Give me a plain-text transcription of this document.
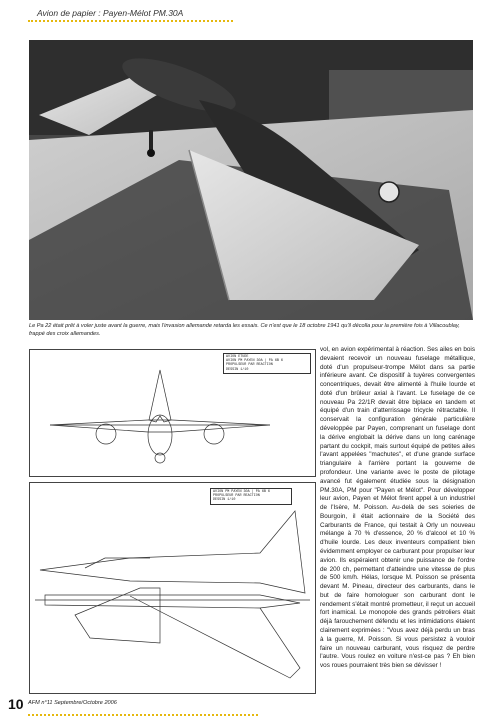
Avion de papier : Payen-Mélot PM.30A
Le Pa 22 était prêt à voler juste avant la guerre, mais l'invasion allemande retarda les essais. Ce n'est que le 18 octobre 1941 qu'il décolla pour la première fois à Villacoublay, frappé des croix allemandes.
AVION ETUDE
AVION PM PAYEN 30A | PA 6B 6
PROPULSEUR PAR REACTION
DESSIN 1/10
AVION PM PAYEN 30A | PA 6B 6
PROPULSEUR PAR REACTION
DESSIN 1/10

vol, en avion expérimental à réaction. Ses ailes en bois devaient recevoir un nouveau fuselage métallique, doté d'un propulseur-trompe Mélot dans sa partie inférieure avant. Ce dispositif à tuyères convergentes concentriques, devait être alimenté à l'huile lourde et doté d'un brûleur axial à l'avant. Le fuselage de ce nouveau Pa 22/1R devait être biplace en tandem et équipé d'un train d'atterrissage tricycle rétractable. Il conservait la configuration générale particulière développée par Payen, comprenant un fuselage dont la dérive englobait la dérive dans un long carénage partant du cockpit, mais surtout équipé de petites ailes l'avant appelées "machutes", et d'une grande surface triangulaire à l'arrière portant la gouverne de profondeur. Une variante avec le poste de pilotage avancé fut également étudiée sous la désignation PM.30A, PM pour "Payen et Mélot". Pour développer leur avion, Payen et Mélot firent appel à un industriel de l'Isère, M. Poisson. Au-delà de ses soieries de Bourgoin, il était actionnaire de la Société des Carburants de France, qui testait à Orly un nouveau mélange à 70 % d'essence, 20 % d'alcool et 10 % d'huile lourde. Les deux inventeurs compatient bien évidemment employer ce carburant pour propulser leur avion. Ils espéraient obtenir une puissance de l'ordre de 200 ch, permettant d'atteindre une vitesse de plus de 500 km/h. Hélas, lorsque M. Poisson se présenta devant M. Pineau, directeur des carburants, dans le but de faire homologuer son carburant dont le rendement s'était montré prometteur, il reçut un accueil fort inamical. Le monopole des grands pétroliers était déjà farouchement défendu et les intimidations étaient clairement exprimées : "Vous avez déjà perdu un bras à la guerre, M. Poisson. Si vous persistez à vouloir faire un nouveau carburant, vous risquez de perdre l'autre. Vous roulez en voiture n'est-ce pas ? Eh bien vos roues pourraient très bien se dévisser !

10 AFM n°11 Septembre/Octobre 2006
